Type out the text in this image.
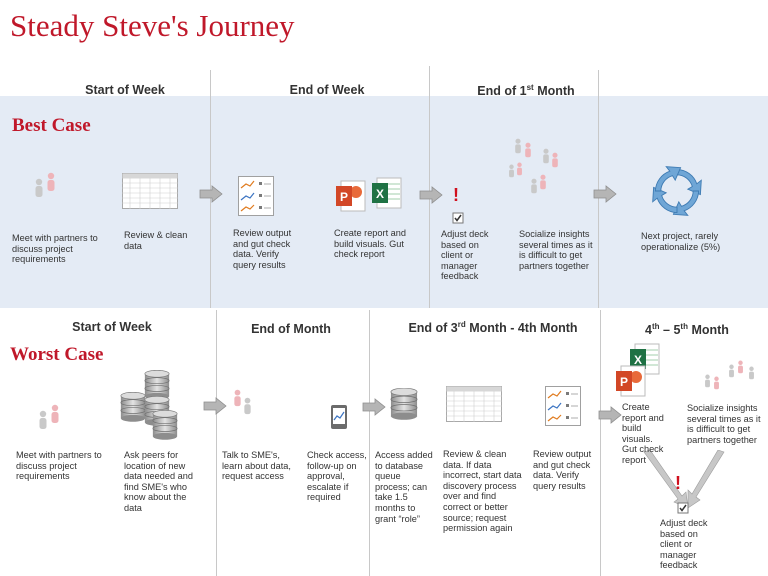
Steady Steve's Journey
Start of Week	End of Week	End of 1st Month
Best Case
!
Meet with partners to discuss project requirements
Review & clean data
Review output and gut check data. Verify query results
Create report and build visuals. Gut check report
Adjust deck based on client or manager feedback
Socialize insights several times as it is difficult to get partners together
Next project, rarely operationalize (5%)
Start of Week	End of Month	End of 3rd Month - 4th Month	4th – 5th Month
Worst Case
!
Meet with partners to discuss project requirements
Ask peers for location of new data needed and find SME's who know about the data
Talk to SME's, learn about data, request access
Check access, follow-up on approval, escalate if required
Access added to database queue process; can take 1.5 months to grant “role”
Review & clean data. If data incorrect, start data discovery process over and find correct or better source; request permission again
Review output and gut check data. Verify query results
Create report and build visuals. Gut check report
Socialize insights several times as it is difficult to get partners together
Adjust deck based on client or manager feedback
